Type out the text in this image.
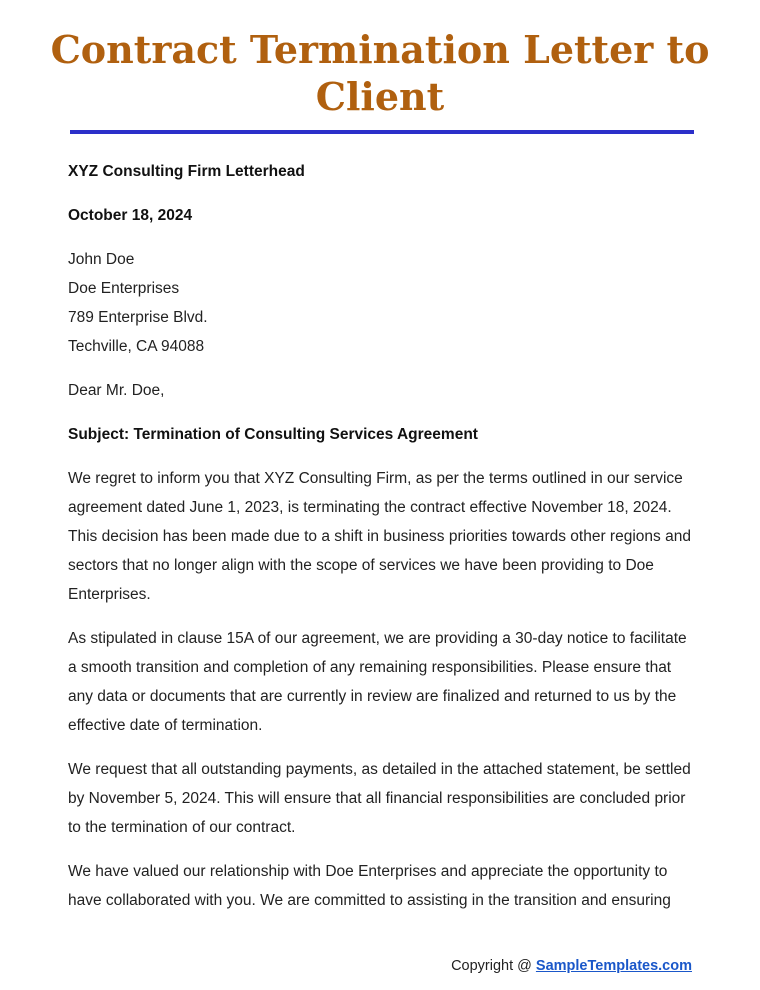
Contract Termination Letter to Client

XYZ Consulting Firm Letterhead

October 18, 2024

John Doe
Doe Enterprises
789 Enterprise Blvd.
Techville, CA 94088

Dear Mr. Doe,

Subject: Termination of Consulting Services Agreement

We regret to inform you that XYZ Consulting Firm, as per the terms outlined in our service agreement dated June 1, 2023, is terminating the contract effective November 18, 2024. This decision has been made due to a shift in business priorities towards other regions and sectors that no longer align with the scope of services we have been providing to Doe Enterprises.

As stipulated in clause 15A of our agreement, we are providing a 30-day notice to facilitate a smooth transition and completion of any remaining responsibilities. Please ensure that any data or documents that are currently in review are finalized and returned to us by the effective date of termination.

We request that all outstanding payments, as detailed in the attached statement, be settled by November 5, 2024. This will ensure that all financial responsibilities are concluded prior to the termination of our contract.

We have valued our relationship with Doe Enterprises and appreciate the opportunity to have collaborated with you. We are committed to assisting in the transition and ensuring

Copyright @ SampleTemplates.com
